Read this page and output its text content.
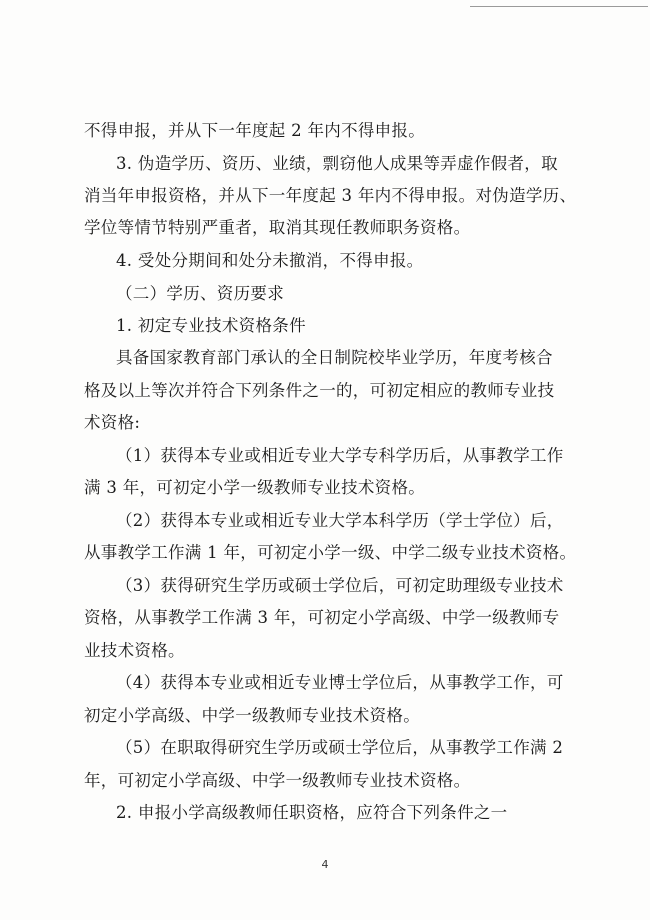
不得申报，并从下一年度起 2 年内不得申报。
3. 伪造学历、资历、业绩，剽窃他人成果等弄虚作假者，取
消当年申报资格，并从下一年度起 3 年内不得申报。对伪造学历、
学位等情节特别严重者，取消其现任教师职务资格。
4. 受处分期间和处分未撤消，不得申报。
（二）学历、资历要求
1. 初定专业技术资格条件
具备国家教育部门承认的全日制院校毕业学历，年度考核合
格及以上等次并符合下列条件之一的，可初定相应的教师专业技
术资格:
（1）获得本专业或相近专业大学专科学历后，从事教学工作
满 3 年，可初定小学一级教师专业技术资格。
（2）获得本专业或相近专业大学本科学历（学士学位）后，
从事教学工作满 1 年，可初定小学一级、中学二级专业技术资格。
（3）获得研究生学历或硕士学位后，可初定助理级专业技术
资格，从事教学工作满 3 年，可初定小学高级、中学一级教师专
业技术资格。
（4）获得本专业或相近专业博士学位后，从事教学工作，可
初定小学高级、中学一级教师专业技术资格。
（5）在职取得研究生学历或硕士学位后，从事教学工作满 2
年，可初定小学高级、中学一级教师专业技术资格。
2. 申报小学高级教师任职资格，应符合下列条件之一
4
